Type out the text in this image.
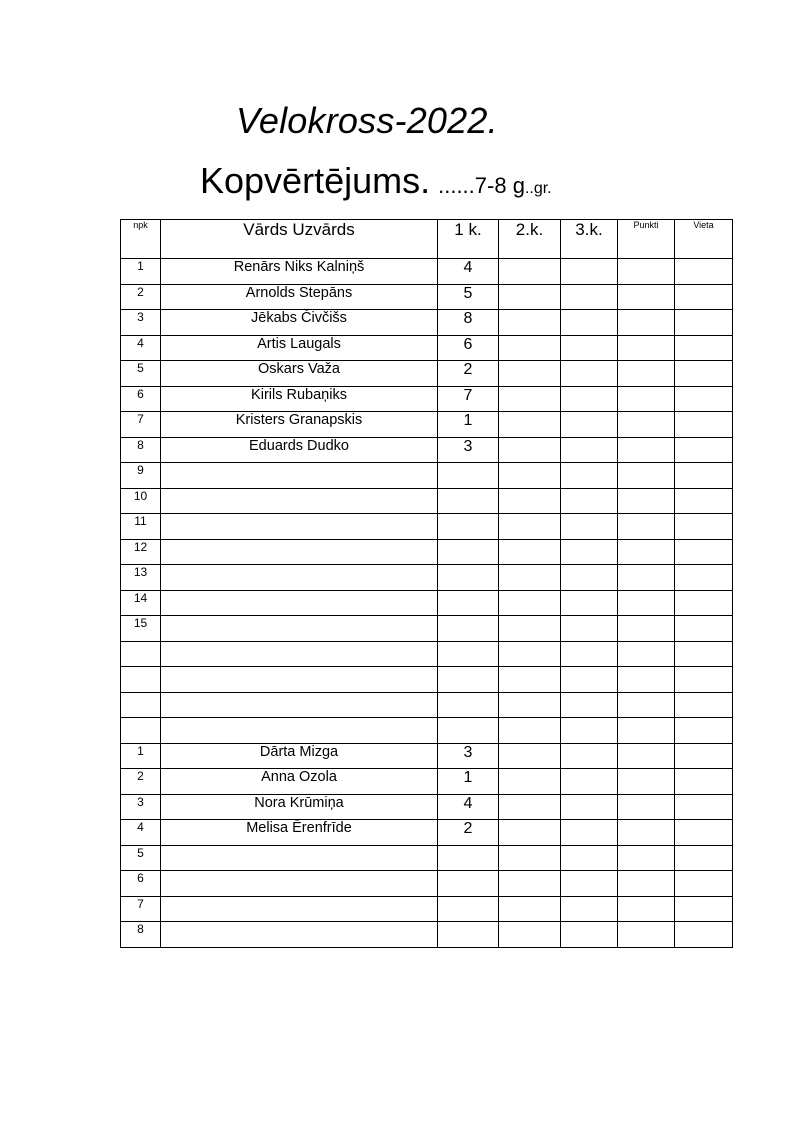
Velokross-2022.
Kopvērtējums. ......7-8 g..gr.
npk	Vārds Uzvārds	1 k.	2.k.	3.k.	Punkti	Vieta
1	Renārs Niks Kalniņš	4				
2	Arnolds Stepāns	5				
3	Jēkabs Čivčišs	8				
4	Artis Laugals	6				
5	Oskars Važa	2				
6	Kirils Rubaņiks	7				
7	Kristers Granapskis	1				
8	Eduards Dudko	3				
9						
10						
11						
12						
13						
14						
15						

1	Dārta Mizga	3				
2	Anna Ozola	1				
3	Nora Krūmiņa	4				
4	Melisa Ērenfrīde	2				
5						
6						
7						
8						
